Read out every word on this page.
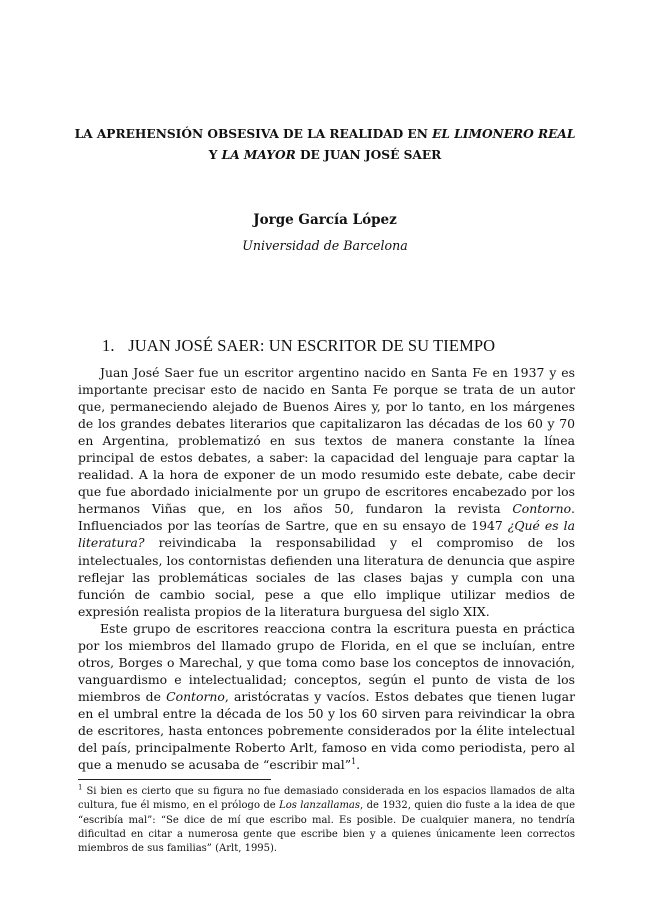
LA APREHENSIÓN OBSESIVA DE LA REALIDAD EN EL LIMONERO REAL
Y LA MAYOR DE JUAN JOSÉ SAER
Jorge García López
Universidad de Barcelona
1. JUAN JOSÉ SAER: UN ESCRITOR DE SU TIEMPO

Juan José Saer fue un escritor argentino nacido en Santa Fe en 1937 y es importante precisar esto de nacido en Santa Fe porque se trata de un autor que, permaneciendo alejado de Buenos Aires y, por lo tanto, en los márgenes de los grandes debates literarios que capitalizaron las décadas de los 60 y 70 en Argentina, problematizó en sus textos de manera constante la línea principal de estos debates, a saber: la capacidad del lenguaje para captar la realidad. A la hora de exponer de un modo resumido este debate, cabe decir que fue abordado inicialmente por un grupo de escritores encabezado por los hermanos Viñas que, en los años 50, fundaron la revista Contorno. Influenciados por las teorías de Sartre, que en su ensayo de 1947 ¿Qué es la literatura? reivindicaba la responsabilidad y el compromiso de los intelectuales, los contornistas defienden una literatura de denuncia que aspire reflejar las problemáticas sociales de las clases bajas y cumpla con una función de cambio social, pese a que ello implique utilizar medios de expresión realista propios de la literatura burguesa del siglo XIX.

Este grupo de escritores reacciona contra la escritura puesta en práctica por los miembros del llamado grupo de Florida, en el que se incluían, entre otros, Borges o Marechal, y que toma como base los conceptos de innovación, vanguardismo e intelectualidad; conceptos, según el punto de vista de los miembros de Contorno, aristócratas y vacíos. Estos debates que tienen lugar en el umbral entre la década de los 50 y los 60 sirven para reivindicar la obra de escritores, hasta entonces pobremente considerados por la élite intelectual del país, principalmente Roberto Arlt, famoso en vida como periodista, pero al que a menudo se acusaba de “escribir mal”$^1$.

$^1$ Si bien es cierto que su figura no fue demasiado considerada en los espacios llamados de alta cultura, fue él mismo, en el prólogo de Los lanzallamas, de 1932, quien dio fuste a la idea de que “escribía mal”: “Se dice de mí que escribo mal. Es posible. De cualquier manera, no tendría dificultad en citar a numerosa gente que escribe bien y a quienes únicamente leen correctos miembros de sus familias” (Arlt, 1995).
